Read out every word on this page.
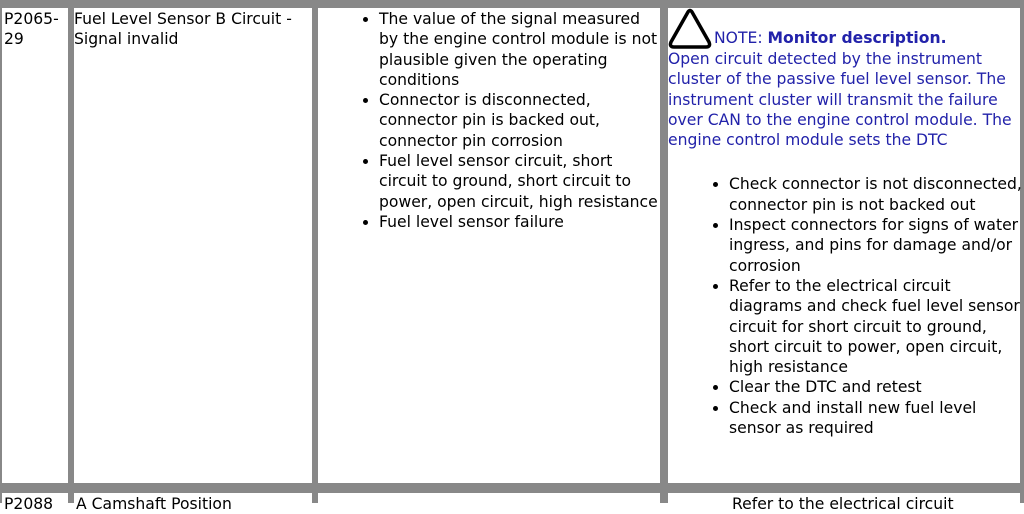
P2065-29
Fuel Level Sensor B Circuit - Signal invalid
• The value of the signal measured by the engine control module is not plausible given the operating conditions
• Connector is disconnected, connector pin is backed out, connector pin corrosion
• Fuel level sensor circuit, short circuit to ground, short circuit to power, open circuit, high resistance
• Fuel level sensor failure
NOTE: Monitor description.
Open circuit detected by the instrument cluster of the passive fuel level sensor. The instrument cluster will transmit the failure over CAN to the engine control module. The engine control module sets the DTC
• Check connector is not disconnected, connector pin is not backed out
• Inspect connectors for signs of water ingress, and pins for damage and/or corrosion
• Refer to the electrical circuit diagrams and check fuel level sensor circuit for short circuit to ground, short circuit to power, open circuit, high resistance
• Clear the DTC and retest
• Check and install new fuel level sensor as required
P2088 A Camshaft Position	Refer to the electrical circuit
